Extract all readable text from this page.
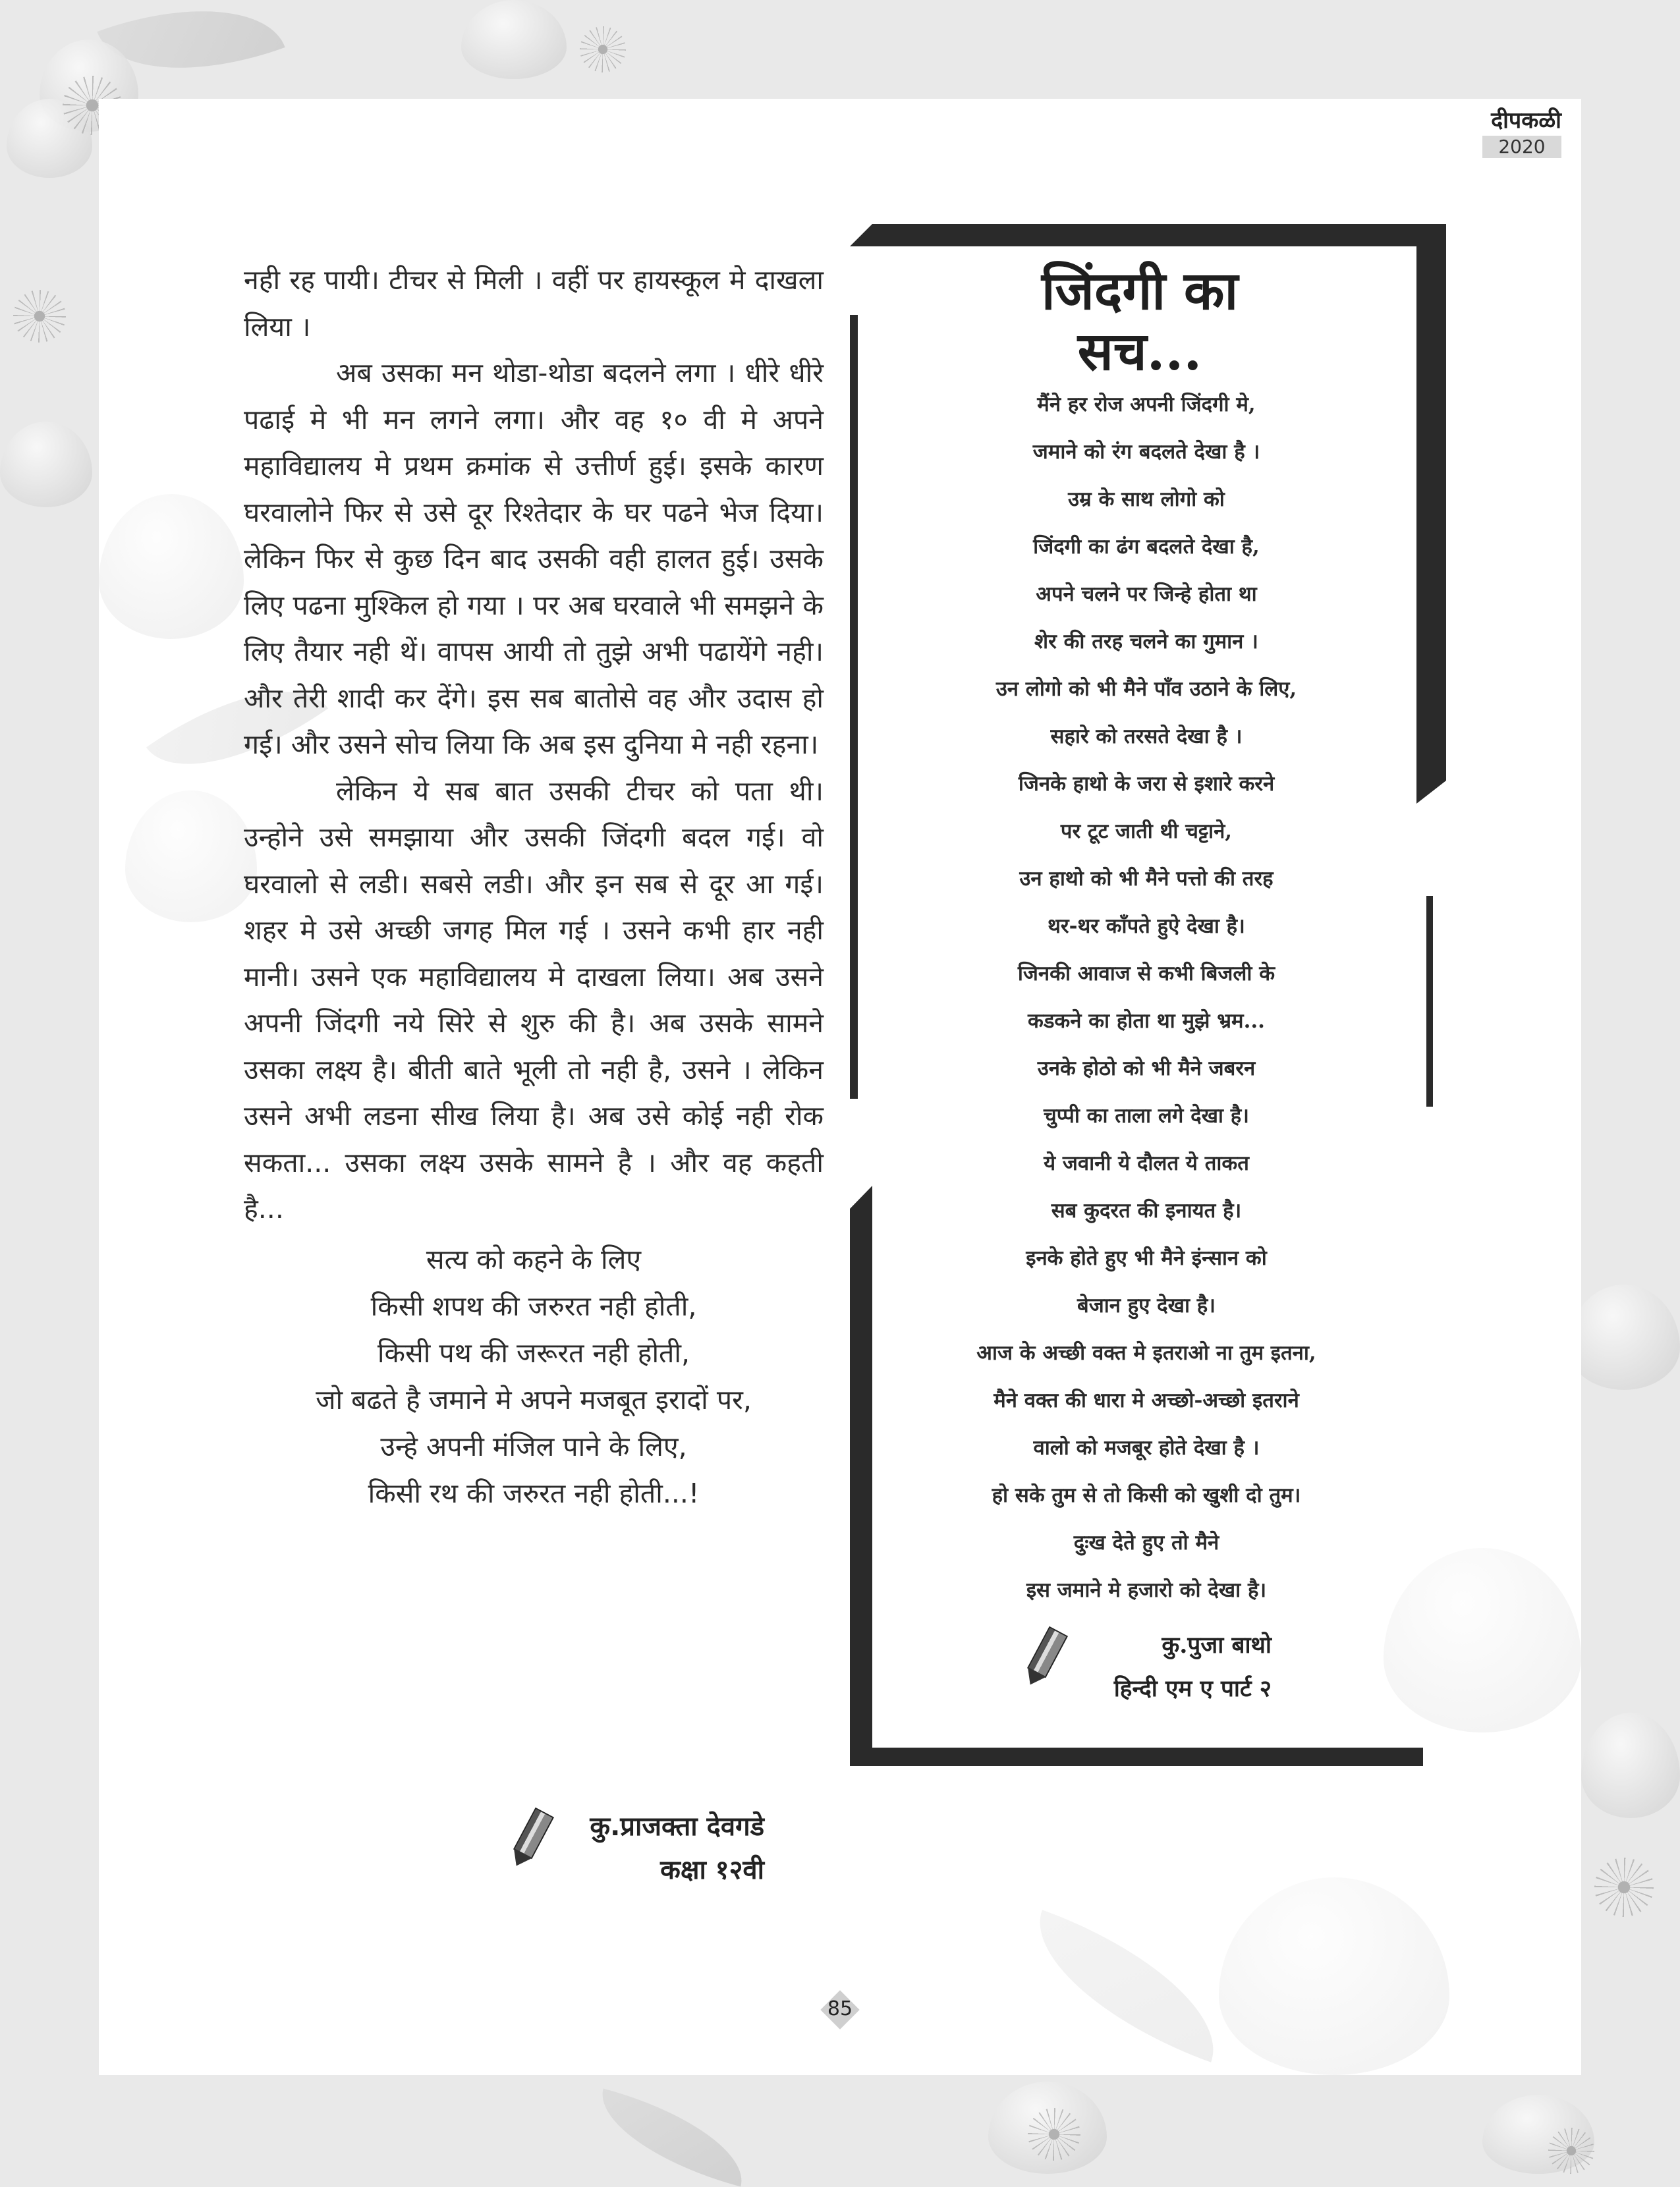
दीपकळी
2020

नही रह पायी। टीचर से मिली । वहीं पर हायस्कूल मे दाखला लिया ।

अब उसका मन थोडा-थोडा बदलने लगा । धीरे धीरे पढाई मे भी मन लगने लगा। और वह १० वी मे अपने महाविद्यालय मे प्रथम क्रमांक से उत्तीर्ण हुई। इसके कारण घरवालोने फिर से उसे दूर रिश्तेदार के घर पढने भेज दिया। लेकिन फिर से कुछ दिन बाद उसकी वही हालत हुई। उसके लिए पढना मुश्किल हो गया । पर अब घरवाले भी समझने के लिए तैयार नही थें। वापस आयी तो तुझे अभी पढायेंगे नही। और तेरी शादी कर देंगे। इस सब बातोसे वह और उदास हो गई। और उसने सोच लिया कि अब इस दुनिया मे नही रहना।

लेकिन ये सब बात उसकी टीचर को पता थी। उन्होने उसे समझाया और उसकी जिंदगी बदल गई। वो घरवालो से लडी। सबसे लडी। और इन सब से दूर आ गई। शहर मे उसे अच्छी जगह मिल गई । उसने कभी हार नही मानी। उसने एक महाविद्यालय मे दाखला लिया। अब उसने अपनी जिंदगी नये सिरे से शुरु की है। अब उसके सामने उसका लक्ष्य है। बीती बाते भूली तो नही है, उसने । लेकिन उसने अभी लडना सीख लिया है। अब उसे कोई नही रोक सकता... उसका लक्ष्य उसके सामने है । और वह कहती है...

सत्य को कहने के लिए
किसी शपथ की जरुरत नही होती,
किसी पथ की जरूरत नही होती,
जो बढते है जमाने मे अपने मजबूत इरादों पर,
उन्हे अपनी मंजिल पाने के लिए,
किसी रथ की जरुरत नही होती...!
कु.प्राजक्ता देवगडे
कक्षा १२वी
जिंदगी का
सच...
मैंने हर रोज अपनी जिंदगी मे,
जमाने को रंग बदलते देखा है ।
उम्र के साथ लोगो को
जिंदगी का ढंग बदलते देखा है,
अपने चलने पर जिन्हे होता था
शेर की तरह चलने का गुमान ।
उन लोगो को भी मैने पाँव उठाने के लिए,
सहारे को तरसते देखा है ।
जिनके हाथो के जरा से इशारे करने
पर टूट जाती थी चट्टाने,
उन हाथो को भी मैने पत्तो की तरह
थर-थर काँपते हुऐ देखा है।
जिनकी आवाज से कभी बिजली के
कडकने का होता था मुझे भ्रम...
उनके होठो को भी मैने जबरन
चुप्पी का ताला लगे देखा है।
ये जवानी ये दौलत ये ताकत
सब कुदरत की इनायत है।
इनके होते हुए भी मैने इंन्सान को
बेजान हुए देखा है।
आज के अच्छी वक्त मे इतराओ ना तुम इतना,
मैने वक्त की धारा मे अच्छो-अच्छो इतराने
वालो को मजबूर होते देखा है ।
हो सके तुम से तो किसी को खुशी दो तुम।
दुःख देते हुए तो मैने
इस जमाने मे हजारो को देखा है।
कु.पुजा बाथो
हिन्दी एम ए पार्ट २
85
